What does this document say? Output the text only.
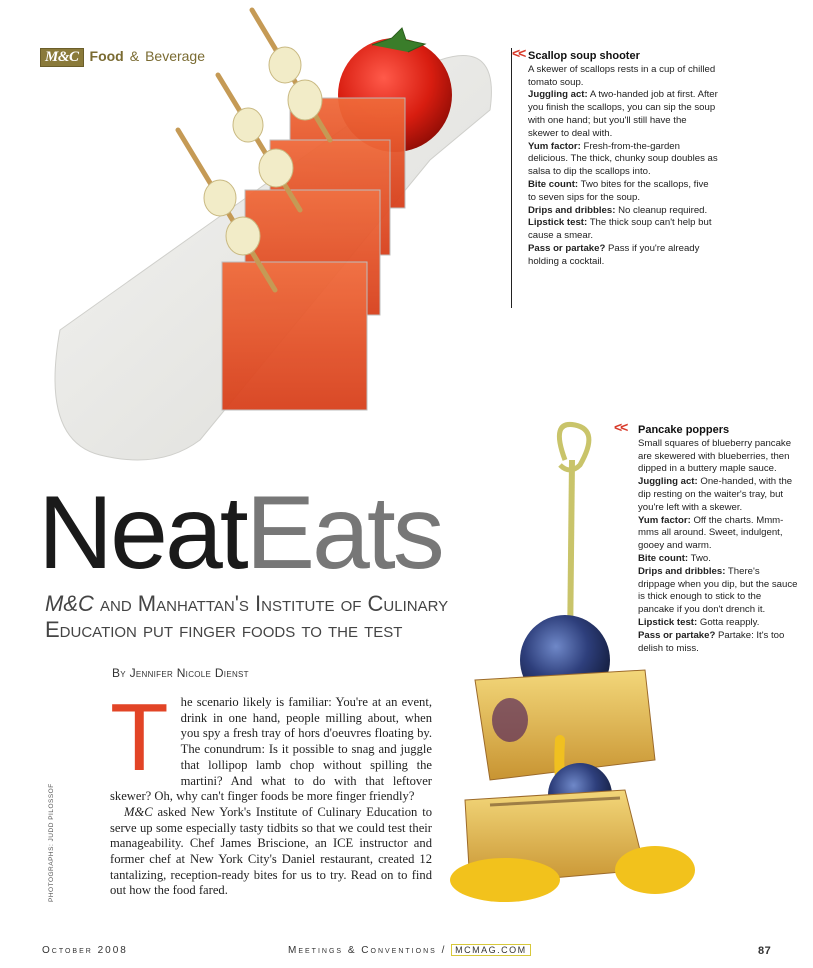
M&C Food & Beverage	<< Scallop soup shooter
A skewer of scallops rests in a cup of chilled tomato soup.
Juggling act: A two-handed job at first. After you finish the scallops, you can sip the soup with one hand; but you'll still have the skewer to deal with.
Yum factor: Fresh-from-the-garden delicious. The thick, chunky soup doubles as salsa to dip the scallops into.
Bite count: Two bites for the scallops, five to seven sips for the soup.
Drips and dribbles: No cleanup required.
Lipstick test: The thick soup can't help but cause a smear.
Pass or partake? Pass if you're already holding a cocktail.
<< Pancake poppers
Small squares of blueberry pancake are skewered with blueberries, then dipped in a buttery maple sauce.
Juggling act: One-handed, with the dip resting on the waiter's tray, but you're left with a skewer.
Yum factor: Off the charts. Mmm-mms all around. Sweet, indulgent, gooey and warm.
Bite count: Two.
Drips and dribbles: There's drippage when you dip, but the sauce is thick enough to stick to the pancake if you don't drench it.
Lipstick test: Gotta reapply.
Pass or partake? Partake: It's too delish to miss.
NeatEats
M&C and Manhattan's Institute of Culinary Education put finger foods to the test
By Jennifer Nicole Dienst

The scenario likely is familiar: You're at an event, drink in one hand, people milling about, when you spy a fresh tray of hors d'oeuvres floating by. The conundrum: Is it possible to snag and juggle that lollipop lamb chop without spilling the martini? And what to do with that leftover skewer? Oh, why can't finger foods be more finger friendly?

M&C asked New York's Institute of Culinary Education to serve up some especially tasty tidbits so that we could test their manageability. Chef James Briscione, an ICE instructor and former chef at New York City's Daniel restaurant, created 12 tantalizing, reception-ready bites for us to try. Read on to find out how the food fared.

PHOTOGRAPHS: JUDD PILOSSOF
October 2008	Meetings & Conventions / MCMAG.COM	87
